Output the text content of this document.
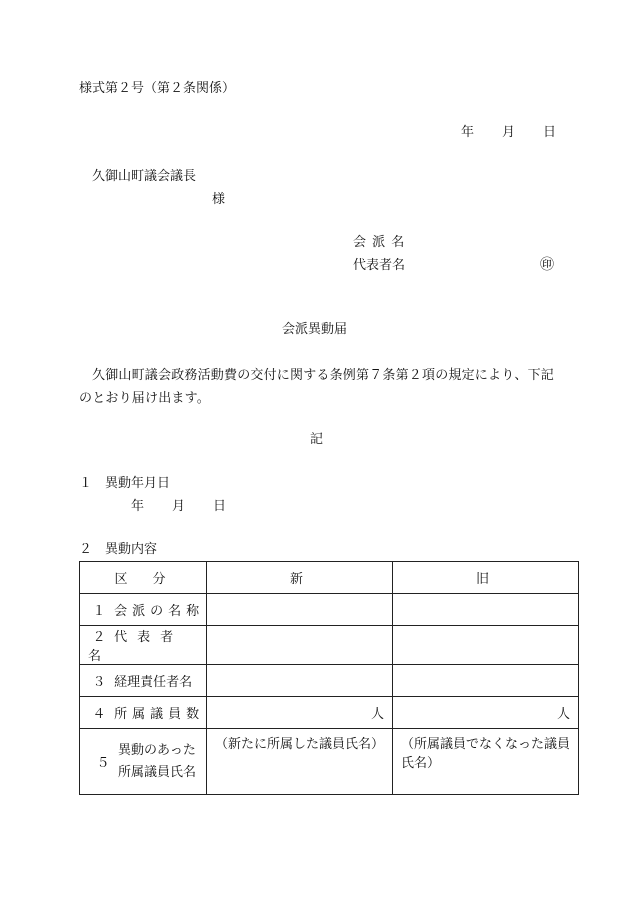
様式第２号（第２条関係）
年 月 日
久御山町議会議長
様
会 派 名
代表者名	㊞
会派異動届
久御山町議会政務活動費の交付に関する条例第７条第２項の規定により、下記のとおり届け出ます。
記
１　異動年月日
年 月 日
２　異動内容
区　分	新	旧
１ 会派の名称		
２ 代表者名		
３ 経理責任者名		
４ 所属議員数	人	人

５
異動のあった
所属議員氏名	（新たに所属した議員氏名）	（所属議員でなくなった議員氏名）
